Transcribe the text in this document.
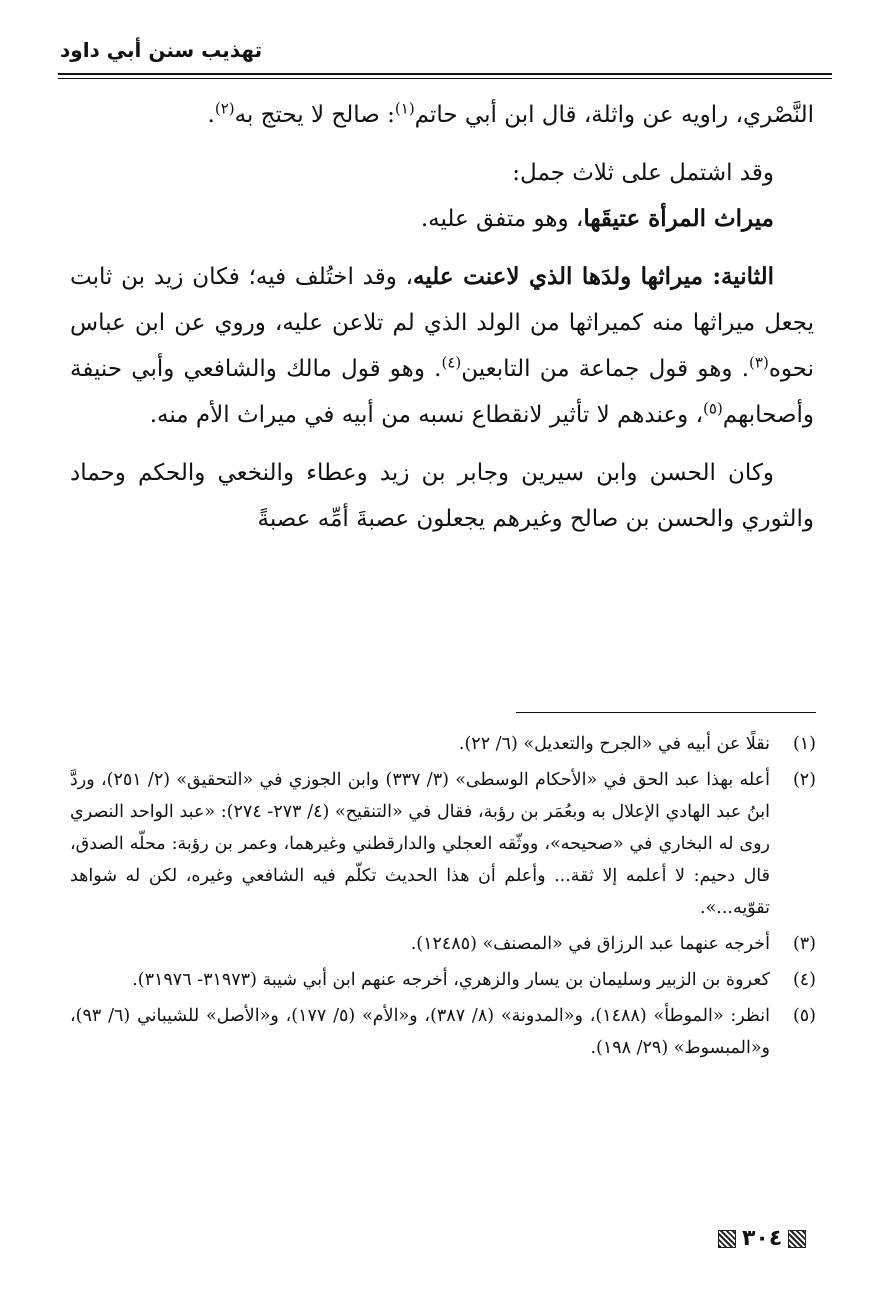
تهذيب سنن أبي داود

النَّصْري، راويه عن واثلة، قال ابن أبي حاتم$^{(١)}$: صالح لا يحتج به$^{(٢)}$.

وقد اشتمل على ثلاث جمل:

ميراث المرأة عتيقَها، وهو متفق عليه.

الثانية: ميراثها ولدَها الذي لاعنت عليه، وقد اختُلف فيه؛ فكان زيد بن ثابت يجعل ميراثها منه كميراثها من الولد الذي لم تلاعن عليه، وروي عن ابن عباس نحوه$^{(٣)}$. وهو قول جماعة من التابعين$^{(٤)}$. وهو قول مالك والشافعي وأبي حنيفة وأصحابهم$^{(٥)}$، وعندهم لا تأثير لانقطاع نسبه من أبيه في ميراث الأم منه.

وكان الحسن وابن سيرين وجابر بن زيد وعطاء والنخعي والحكم وحماد والثوري والحسن بن صالح وغيرهم يجعلون عصبةَ أمِّه عصبةً

(١)
نقلًا عن أبيه في «الجرح والتعديل» (٦/ ٢٢).
(٢)
أعله بهذا عبد الحق في «الأحكام الوسطى» (٣/ ٣٣٧) وابن الجوزي في «التحقيق» (٢/ ٢٥١)، وردَّ ابنُ عبد الهادي الإعلال به وبعُمَر بن رؤبة، فقال في «التنقيح» (٤/ ٢٧٣- ٢٧٤): «عبد الواحد النصري روى له البخاري في «صحيحه»، ووثّقه العجلي والدارقطني وغيرهما، وعمر بن رؤبة: محلّه الصدق، قال دحيم: لا أعلمه إلا ثقة... وأعلم أن هذا الحديث تكلّم فيه الشافعي وغيره، لكن له شواهد تقوّيه...».
(٣)
أخرجه عنهما عبد الرزاق في «المصنف» (١٢٤٨٥).
(٤)
كعروة بن الزبير وسليمان بن يسار والزهري، أخرجه عنهم ابن أبي شيبة (٣١٩٧٣- ٣١٩٧٦).
(٥)
انظر: «الموطأ» (١٤٨٨)، و«المدونة» (٨/ ٣٨٧)، و«الأم» (٥/ ١٧٧)، و«الأصل» للشيباني (٦/ ٩٣)، و«المبسوط» (٢٩/ ١٩٨).
٣٠٤
